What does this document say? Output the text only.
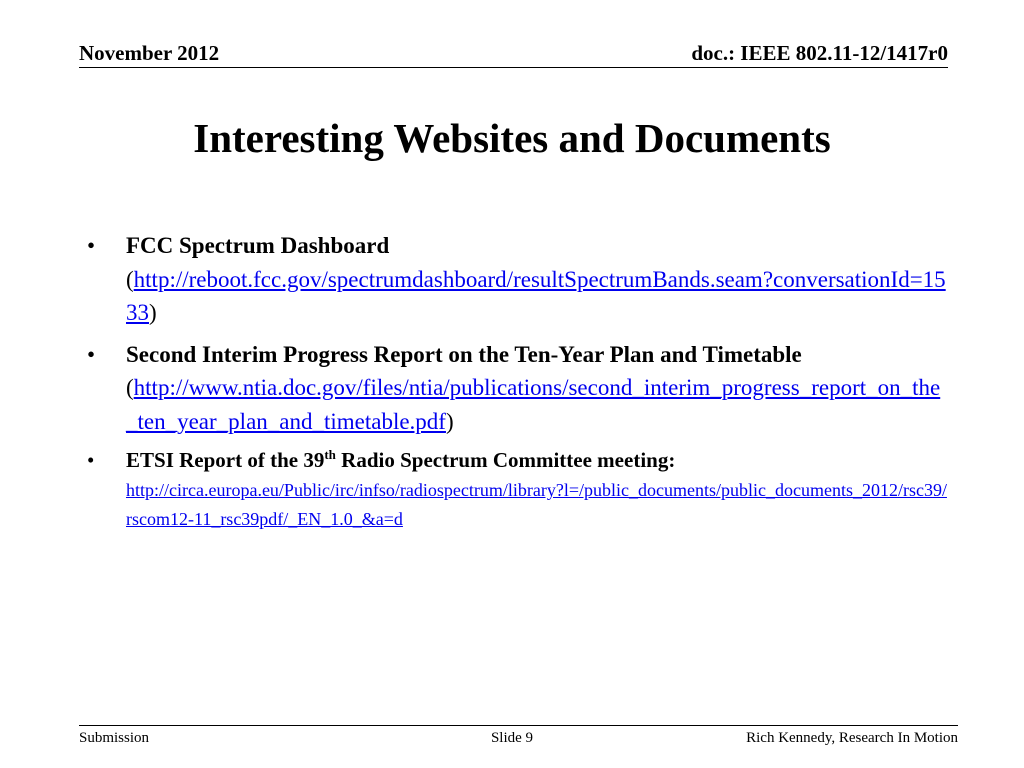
November 2012	doc.: IEEE 802.11-12/1417r0
Interesting Websites and Documents
• FCC Spectrum Dashboard
(http://reboot.fcc.gov/spectrumdashboard/resultSpectrumBands.seam?conversationId=1533)
• Second Interim Progress Report on the Ten-Year Plan and Timetable
(http://www.ntia.doc.gov/files/ntia/publications/second_interim_progress_report_on_the_ten_year_plan_and_timetable.pdf)
• ETSI Report of the 39th Radio Spectrum Committee meeting:
http://circa.europa.eu/Public/irc/infso/radiospectrum/library?l=/public_documents/public_documents_2012/rsc39/rscom12-11_rsc39pdf/_EN_1.0_&a=d
Submission	Slide 9	Rich Kennedy, Research In Motion
